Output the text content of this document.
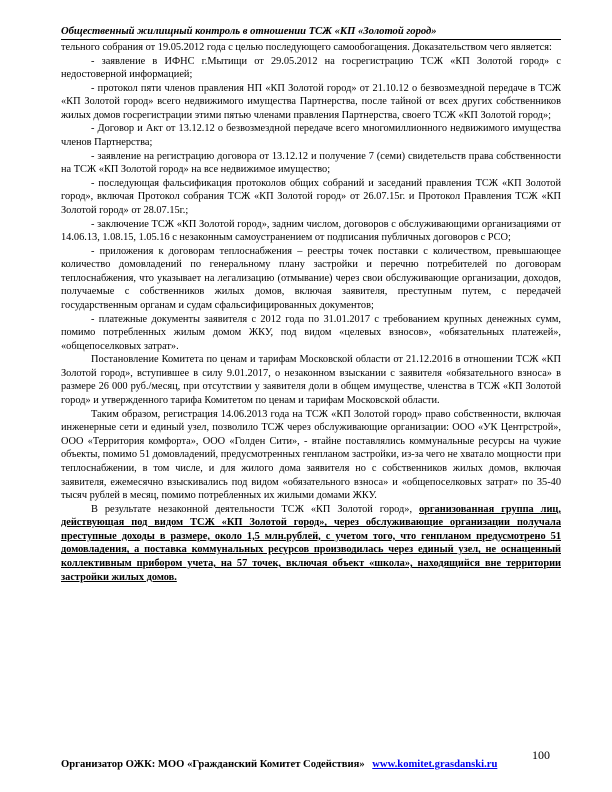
Общественный жилищный контроль в отношении ТСЖ «КП «Золотой город»

тельного собрания от 19.05.2012 года с целью последующего самообогащения. Доказательством чего является:

- заявление в ИФНС г.Мытищи от 29.05.2012 на госрегистрацию ТСЖ «КП Золотой город» с недостоверной информацией;

- протокол пяти членов правления НП «КП Золотой город» от 21.10.12 о безвозмездной передаче в ТСЖ «КП Золотой город» всего недвижимого имущества Партнерства, после тайной от всех других собственников жилых домов госрегистрации этими пятью членами правления Партнерства, своего ТСЖ «КП Золотой город»;

- Договор и Акт от 13.12.12 о безвозмездной передаче всего многомиллионного недвижимого имущества членов Партнерства;

- заявление на регистрацию договора от 13.12.12 и получение 7 (семи) свидетельств права собственности на ТСЖ «КП Золотой город» на все недвижимое имущество;

- последующая фальсификация протоколов общих собраний и заседаний правления ТСЖ «КП Золотой город», включая Протокол собрания ТСЖ «КП Золотой город» от 26.07.15г. и Протокол Правления ТСЖ «КП Золотой город» от 28.07.15г.;

- заключение ТСЖ «КП Золотой город», задним числом, договоров с обслуживающими организациями от 14.06.13, 1.08.15, 1.05.16 с незаконным самоустранением от подписания публичных договоров с РСО;

- приложения к договорам теплоснабжения – реестры точек поставки с количеством, превышающее количество домовладений по генеральному плану застройки и перечню потребителей по договорам теплоснабжения, что указывает на легализацию (отмывание) через свои обслуживающие организации, доходов, получаемые с собственников жилых домов, включая заявителя, преступным путем, с передачей государственным органам и судам сфальсифицированных документов;

- платежные документы заявителя с 2012 года по 31.01.2017 с требованием крупных денежных сумм, помимо потребленных жилым домом ЖКУ, под видом «целевых взносов», «обязательных платежей», «общепоселковых затрат».

Постановление Комитета по ценам и тарифам Московской области от 21.12.2016 в отношении ТСЖ «КП Золотой город», вступившее в силу 9.01.2017, о незаконном взыскании с заявителя «обязательного взноса» в размере 26 000 руб./месяц, при отсутствии у заявителя доли в общем имуществе, членства в ТСЖ «КП Золотой город» и утвержденного тарифа Комитетом по ценам и тарифам Московской области.

Таким образом, регистрация 14.06.2013 года на ТСЖ «КП Золотой город» право собственности, включая инженерные сети и единый узел, позволило ТСЖ через обслуживающие организации: ООО «УК Центрстрой», ООО «Территория комфорта», ООО «Голден Сити», - втайне поставлялись коммунальные ресурсы на чужие объекты, помимо 51 домовладений, предусмотренных генпланом застройки, из-за чего не хватало мощности при теплоснабжении, в том числе, и для жилого дома заявителя но с собственников жилых домов, включая заявителя, ежемесячно взыскивались под видом «обязательного взноса» и «общепоселковых затрат» по 35-40 тысяч рублей в месяц, помимо потребленных их жилыми домами ЖКУ.

В результате незаконной деятельности ТСЖ «КП Золотой город», организованная группа лиц, действующая под видом ТСЖ «КП Золотой город», через обслуживающие организации получала преступные доходы в размере, около 1,5 млн.рублей, с учетом того, что генпланом предусмотрено 51 домовладения, а поставка коммунальных ресурсов производилась через единый узел, не оснащенный коллективным прибором учета, на 57 точек, включая объект «школа», находящийся вне территории застройки жилых домов.

100
Организатор ОЖК: МОО «Гражданский Комитет Содействия» www.komitet.grasdanski.ru
